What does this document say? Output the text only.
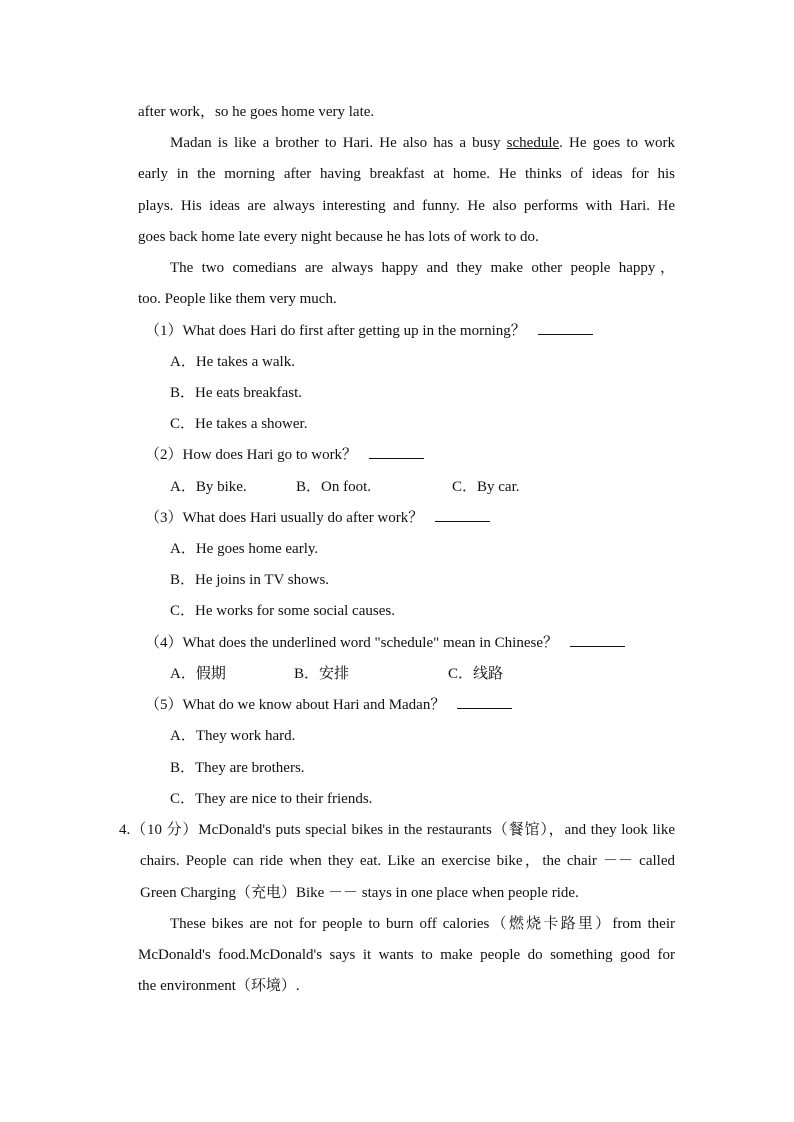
after work，so he goes home very late.
Madan is like a brother to Hari. He also has a busy schedule. He goes to work
early in the morning after having breakfast at home. He thinks of ideas for his
plays. His ideas are always interesting and funny. He also performs with Hari. He
goes back home late every night because he has lots of work to do.
The two comedians are always happy and they make other people happy，
too. People like them very much.
（1）What does Hari do first after getting up in the morning？
A．He takes a walk.
B．He eats breakfast.
C．He takes a shower.
（2）How does Hari go to work？
A．By bike.	B．On foot.	C．By car.
（3）What does Hari usually do after work？
A．He goes home early.
B．He joins in TV shows.
C．He works for some social causes.
（4）What does the underlined word "schedule" mean in Chinese？
A．假期	B．安排	C．线路
（5）What do we know about Hari and Madan？
A．They work hard.
B．They are brothers.
C．They are nice to their friends.
4.（10 分）McDonald's puts special bikes in the restaurants（餐馆），and they look like
chairs. People can ride when they eat. Like an exercise bike，the chair －－ called
Green Charging（充电）Bike －－ stays in one place when people ride.
These bikes are not for people to burn off calories（燃烧卡路里）from their
McDonald's food.McDonald's says it wants to make people do something good for
the environment（环境）.
